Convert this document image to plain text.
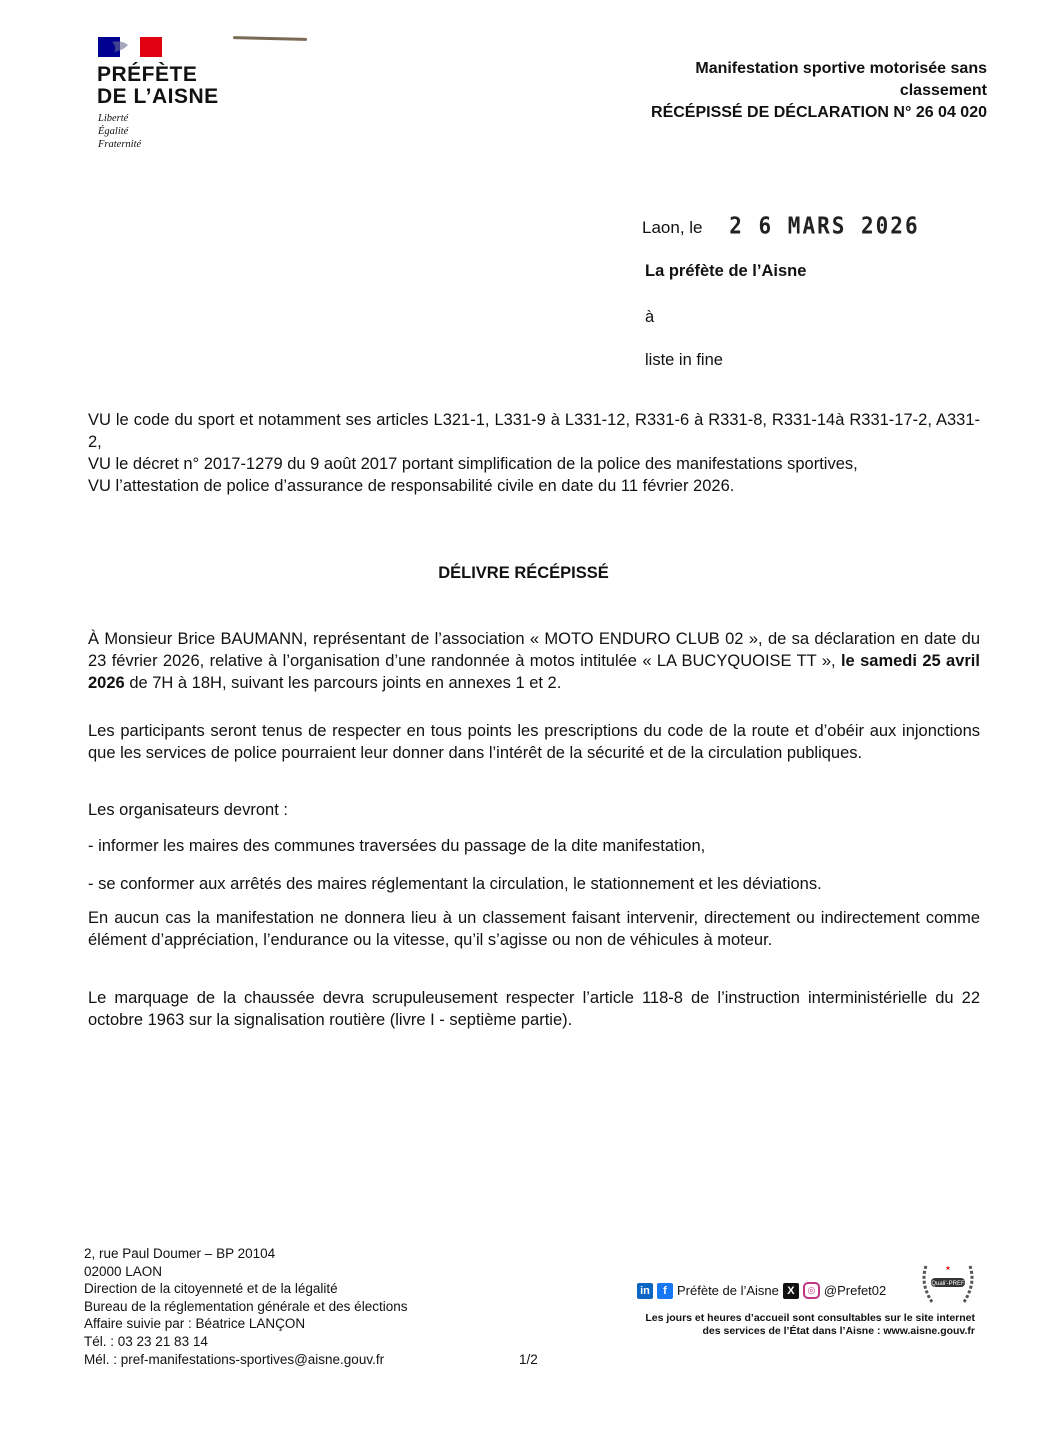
PRÉFÈTE
DE L’AISNE
Liberté
Égalité
Fraternité
Manifestation sportive motorisée sans
classement
RÉCÉPISSÉ DE DÉCLARATION N° 26 04 020
Laon, le 2 6 MARS 2026
La préfète de l’Aisne
à
liste in fine
VU le code du sport et notamment ses articles L321-1, L331-9 à L331-12, R331-6 à R331-8, R331-14à R331-17-2, A331-2,
VU le décret n° 2017-1279 du 9 août 2017 portant simplification de la police des manifestations sportives,
VU l’attestation de police d’assurance de responsabilité civile en date du 11 février 2026.
DÉLIVRE RÉCÉPISSÉ
À Monsieur Brice BAUMANN, représentant de l’association « MOTO ENDURO CLUB 02 », de sa déclaration en date du 23 février 2026, relative à l’organisation d’une randonnée à motos intitulée « LA BUCYQUOISE TT », le samedi 25 avril 2026 de 7H à 18H, suivant les parcours joints en annexes 1 et 2.
Les participants seront tenus de respecter en tous points les prescriptions du code de la route et d’obéir aux injonctions que les services de police pourraient leur donner dans l’intérêt de la sécurité et de la circulation publiques.
Les organisateurs devront :
- informer les maires des communes traversées du passage de la dite manifestation,
- se conformer aux arrêtés des maires réglementant la circulation, le stationnement et les déviations.
En aucun cas la manifestation ne donnera lieu à un classement faisant intervenir, directement ou indirectement comme élément d’appréciation, l’endurance ou la vitesse, qu’il s’agisse ou non de véhicules à moteur.
Le marquage de la chaussée devra scrupuleusement respecter l’article 118-8 de l’instruction interministérielle du 22 octobre 1963 sur la signalisation routière (livre I - septième partie).
2, rue Paul Doumer – BP 20104
02000 LAON
Direction de la citoyenneté et de la légalité
Bureau de la réglementation générale et des élections
Affaire suivie par : Béatrice LANÇON
Tél. : 03 23 21 83 14
Mél. : pref-manifestations-sportives@aisne.gouv.fr	1/2
in	f Préfète de l’Aisne X	◎ @Prefet02
★
Qualiʼ-PREF
Les jours et heures d’accueil sont consultables sur le site internet
des services de l’État dans l’Aisne : www.aisne.gouv.fr
